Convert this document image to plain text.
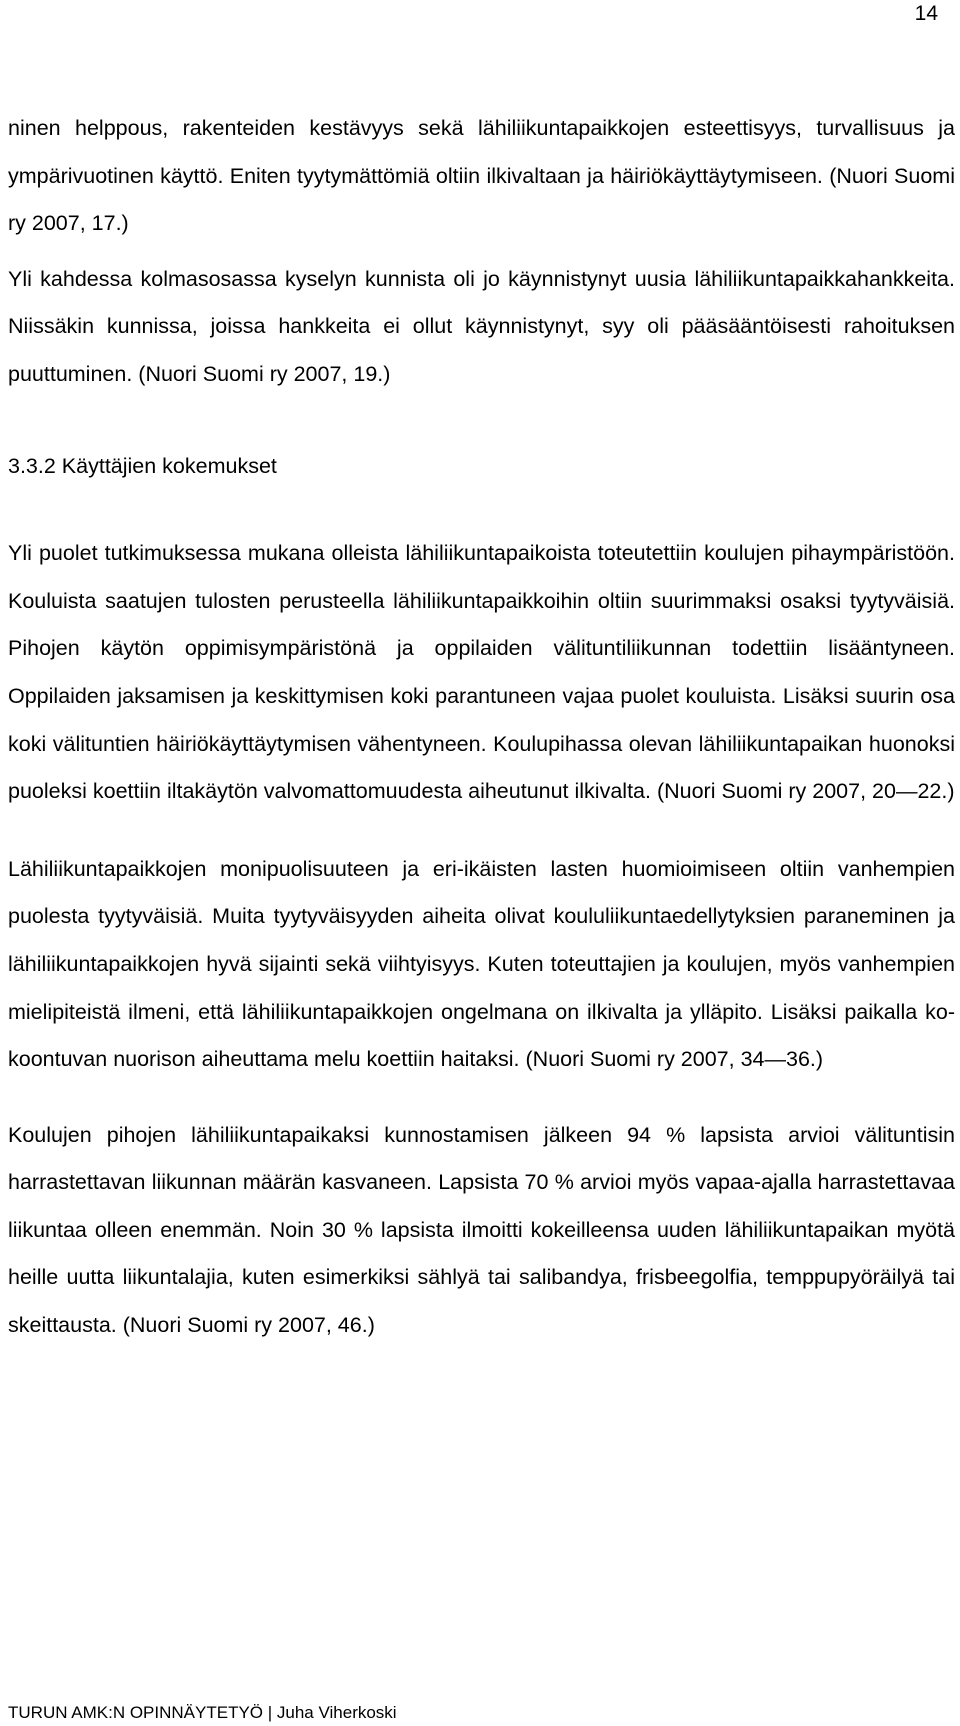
14

ninen helppous, rakenteiden kestävyys sekä lähiliikuntapaikkojen esteettisyys, turvallisuus ja ympärivuotinen käyttö. Eniten tyytymättömiä oltiin ilkivaltaan ja häiriökäyttäytymiseen. (Nuori Suomi ry 2007, 17.)

Yli kahdessa kolmasosassa kyselyn kunnista oli jo käynnistynyt uusia lähiliikuntapaikkahankkeita. Niissäkin kunnissa, joissa hankkeita ei ollut käynnistynyt, syy oli pääsääntöisesti rahoituksen puuttuminen. (Nuori Suomi ry 2007, 19.)

3.3.2 Käyttäjien kokemukset

Yli puolet tutkimuksessa mukana olleista lähiliikuntapaikoista toteutettiin koulujen pihaympäristöön. Kouluista saatujen tulosten perusteella lähiliikuntapaikkoihin oltiin suurimmaksi osaksi tyytyväisiä. Pihojen käytön oppimisympäristönä ja oppilaiden välituntiliikunnan todettiin lisääntyneen. Oppilaiden jaksamisen ja keskittymisen koki parantuneen vajaa puolet kouluista. Lisäksi suurin osa koki välituntien häiriökäyttäytymisen vähentyneen. Koulupihassa olevan lähiliikuntapaikan huonoksi puoleksi koettiin iltakäytön valvomattomuudesta aiheutunut ilkivalta. (Nuori Suomi ry 2007, 20—22.)

Lähiliikuntapaikkojen monipuolisuuteen ja eri-ikäisten lasten huomioimiseen oltiin vanhempien puolesta tyytyväisiä. Muita tyytyväisyyden aiheita olivat koululiikuntaedellytyksien paraneminen ja lähiliikuntapaikkojen hyvä sijainti sekä viihtyisyys. Kuten toteuttajien ja koulujen, myös vanhempien mielipiteistä ilmeni, että lähiliikuntapaikkojen ongelmana on ilkivalta ja ylläpito. Lisäksi paikalla kokoontuvan nuorison aiheuttama melu koettiin haitaksi. (Nuori Suomi ry 2007, 34—36.)

Koulujen pihojen lähiliikuntapaikaksi kunnostamisen jälkeen 94 % lapsista arvioi välituntisin harrastettavan liikunnan määrän kasvaneen. Lapsista 70 % arvioi myös vapaa-ajalla harrastettavaa liikuntaa olleen enemmän. Noin 30 % lapsista ilmoitti kokeilleensa uuden lähiliikuntapaikan myötä heille uutta liikuntalajia, kuten esimerkiksi sählyä tai salibandya, frisbeegolfia, temppupyöräilyä tai skeittausta. (Nuori Suomi ry 2007, 46.)

TURUN AMK:N OPINNÄYTETYÖ | Juha Viherkoski
